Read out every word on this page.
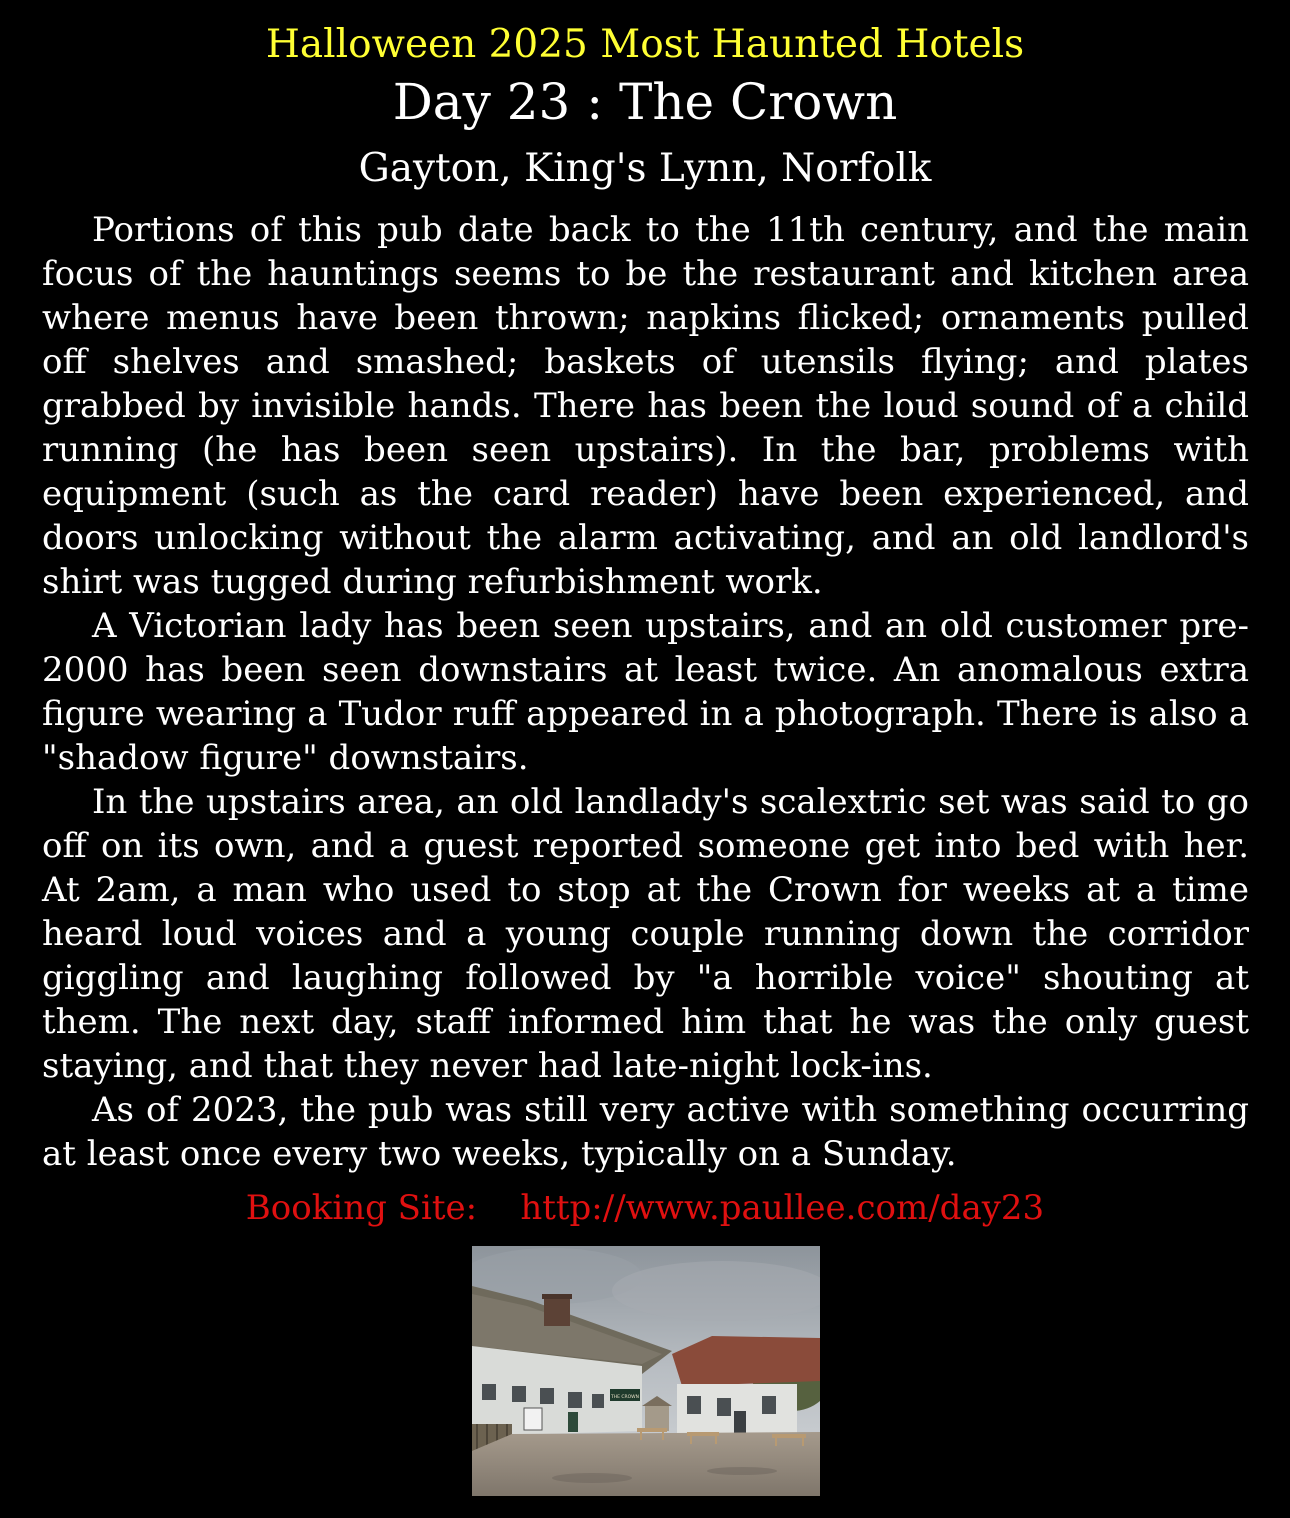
Halloween 2025 Most Haunted Hotels
Day 23 : The Crown
Gayton, King's Lynn, Norfolk

Portions of this pub date back to the 11th century, and the main focus of the hauntings seems to be the restaurant and kitchen area where menus have been thrown; napkins flicked; ornaments pulled off shelves and smashed; baskets of utensils flying; and plates grabbed by invisible hands. There has been the loud sound of a child running (he has been seen upstairs). In the bar, problems with equipment (such as the card reader) have been experienced, and doors unlocking without the alarm activating, and an old landlord's shirt was tugged during refurbishment work.

A Victorian lady has been seen upstairs, and an old customer pre-2000 has been seen downstairs at least twice. An anomalous extra figure wearing a Tudor ruff appeared in a photograph. There is also a "shadow figure" downstairs.

In the upstairs area, an old landlady's scalextric set was said to go off on its own, and a guest reported someone get into bed with her. At 2am, a man who used to stop at the Crown for weeks at a time heard loud voices and a young couple running down the corridor giggling and laughing followed by "a horrible voice" shouting at them. The next day, staff informed him that he was the only guest staying, and that they never had late-night lock-ins.

As of 2023, the pub was still very active with something occurring at least once every two weeks, typically on a Sunday.

Booking Site: http://www.paullee.com/day23
THE CROWN
